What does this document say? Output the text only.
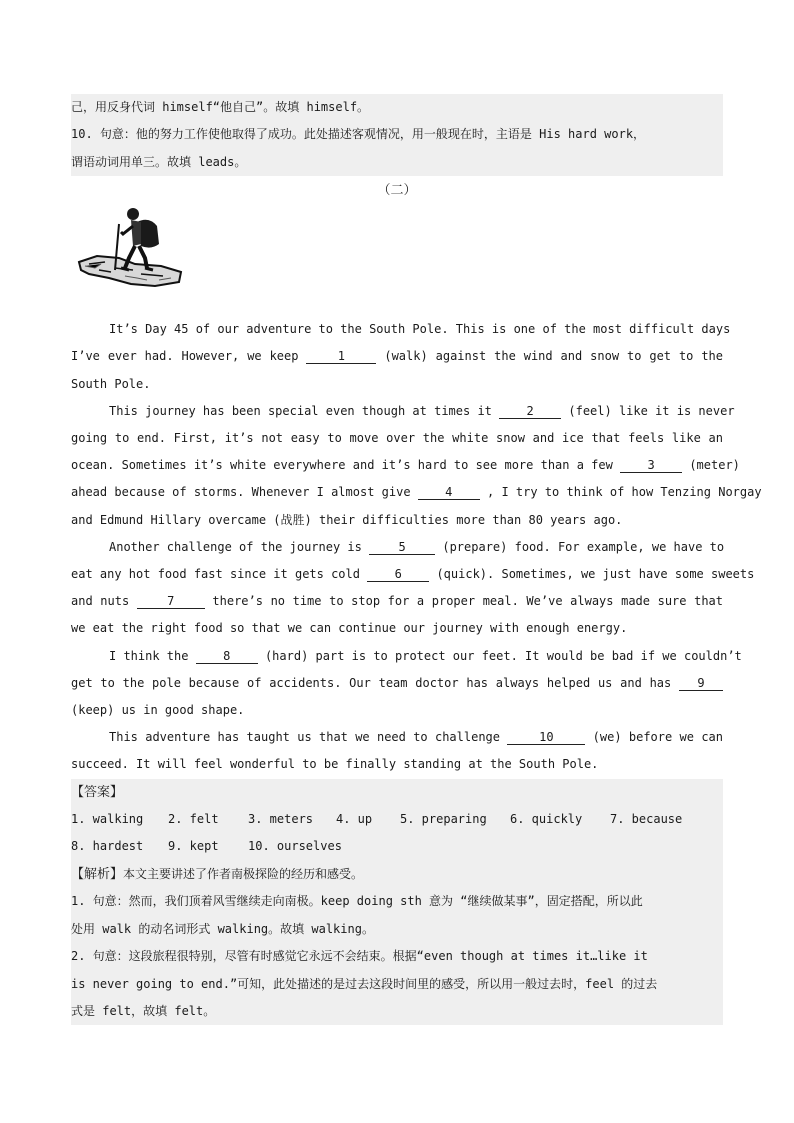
己，用反身代词 himself“他自己”。故填 himself。
10. 句意：他的努力工作使他取得了成功。此处描述客观情况，用一般现在时，主语是 His hard work，
谓语动词用单三。故填 leads。
（二）
It’s Day 45 of our adventure to the South Pole. This is one of the most difficult days
I’ve ever had. However, we keep	1	(walk) against the wind and snow to get to the
South Pole.
This journey has been special even though at times it	2	(feel) like it is never
going to end. First, it’s not easy to move over the white snow and ice that feels like an
ocean. Sometimes it’s white everywhere and it’s hard to see more than a few	3	(meter)
ahead because of storms. Whenever I almost give	4	, I try to think of how Tenzing Norgay
and Edmund Hillary overcame (战胜) their difficulties more than 80 years ago.
Another challenge of the journey is	5	(prepare) food. For example, we have to
eat any hot food fast since it gets cold	6	(quick). Sometimes, we just have some sweets
and nuts	7	there’s no time to stop for a proper meal. We’ve always made sure that
we eat the right food so that we can continue our journey with enough energy.
I think the	8	(hard) part is to protect our feet. It would be bad if we couldn’t
get to the pole because of accidents. Our team doctor has always helped us and has 9
(keep) us in good shape.
This adventure has taught us that we need to challenge	10	(we) before we can
succeed. It will feel wonderful to be finally standing at the South Pole.
【答案】
1. walking 2. felt 3. meters 4. up 5. preparing 6. quickly 7. because
8. hardest 9. kept 10. ourselves
【解析】本文主要讲述了作者南极探险的经历和感受。
1. 句意：然而，我们顶着风雪继续走向南极。keep doing sth 意为 “继续做某事”，固定搭配，所以此
处用 walk 的动名词形式 walking。故填 walking。
2. 句意：这段旅程很特别，尽管有时感觉它永远不会结束。根据“even though at times it…like it
is never going to end.”可知，此处描述的是过去这段时间里的感受，所以用一般过去时，feel 的过去
式是 felt，故填 felt。
